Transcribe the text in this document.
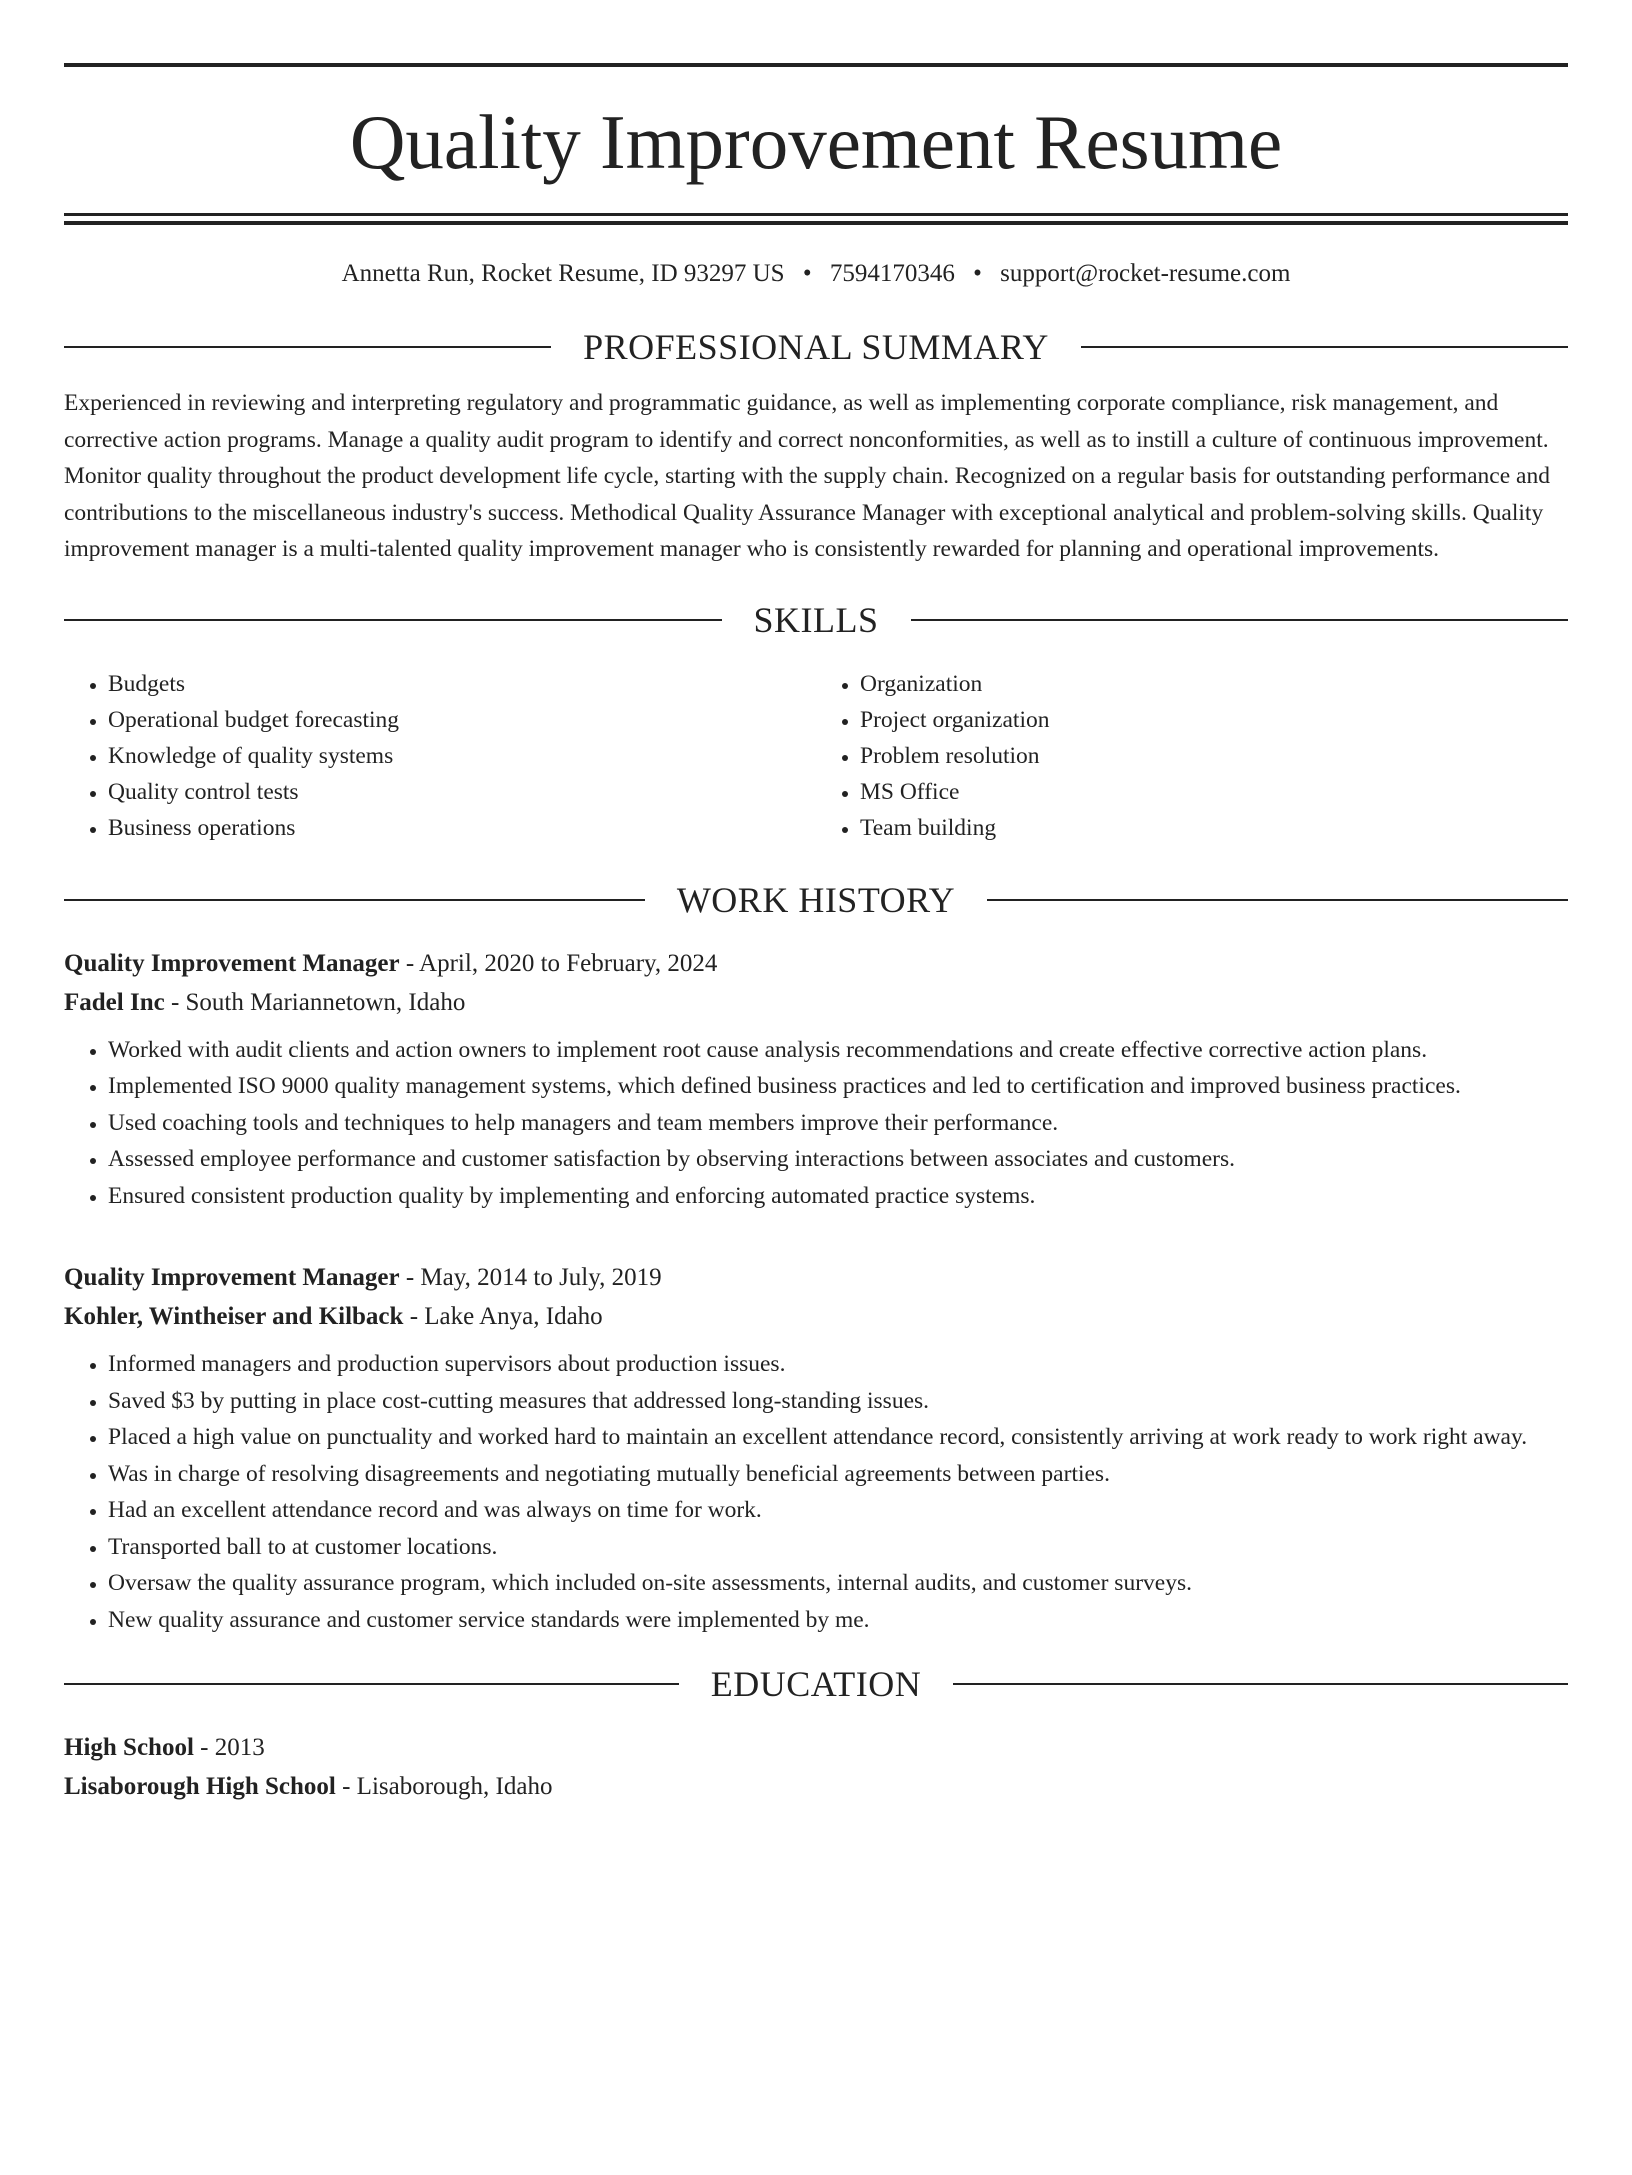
Quality Improvement Resume
Annetta Run, Rocket Resume, ID 93297 US • 7594170346 • support@rocket-resume.com
PROFESSIONAL SUMMARY
Experienced in reviewing and interpreting regulatory and programmatic guidance, as well as implementing corporate compliance, risk management, and corrective action programs. Manage a quality audit program to identify and correct nonconformities, as well as to instill a culture of continuous improvement. Monitor quality throughout the product development life cycle, starting with the supply chain. Recognized on a regular basis for outstanding performance and contributions to the miscellaneous industry's success. Methodical Quality Assurance Manager with exceptional analytical and problem-solving skills. Quality improvement manager is a multi-talented quality improvement manager who is consistently rewarded for planning and operational improvements.
SKILLS
• Budgets
• Operational budget forecasting
• Knowledge of quality systems
• Quality control tests
• Business operations
• Organization
• Project organization
• Problem resolution
• MS Office
• Team building
WORK HISTORY
Quality Improvement Manager - April, 2020 to February, 2024
Fadel Inc - South Mariannetown, Idaho
• Worked with audit clients and action owners to implement root cause analysis recommendations and create effective corrective action plans.
• Implemented ISO 9000 quality management systems, which defined business practices and led to certification and improved business practices.
• Used coaching tools and techniques to help managers and team members improve their performance.
• Assessed employee performance and customer satisfaction by observing interactions between associates and customers.
• Ensured consistent production quality by implementing and enforcing automated practice systems.
Quality Improvement Manager - May, 2014 to July, 2019
Kohler, Wintheiser and Kilback - Lake Anya, Idaho
• Informed managers and production supervisors about production issues.
• Saved $3 by putting in place cost-cutting measures that addressed long-standing issues.
• Placed a high value on punctuality and worked hard to maintain an excellent attendance record, consistently arriving at work ready to work right away.
• Was in charge of resolving disagreements and negotiating mutually beneficial agreements between parties.
• Had an excellent attendance record and was always on time for work.
• Transported ball to at customer locations.
• Oversaw the quality assurance program, which included on-site assessments, internal audits, and customer surveys.
• New quality assurance and customer service standards were implemented by me.
EDUCATION
High School - 2013
Lisaborough High School - Lisaborough, Idaho
